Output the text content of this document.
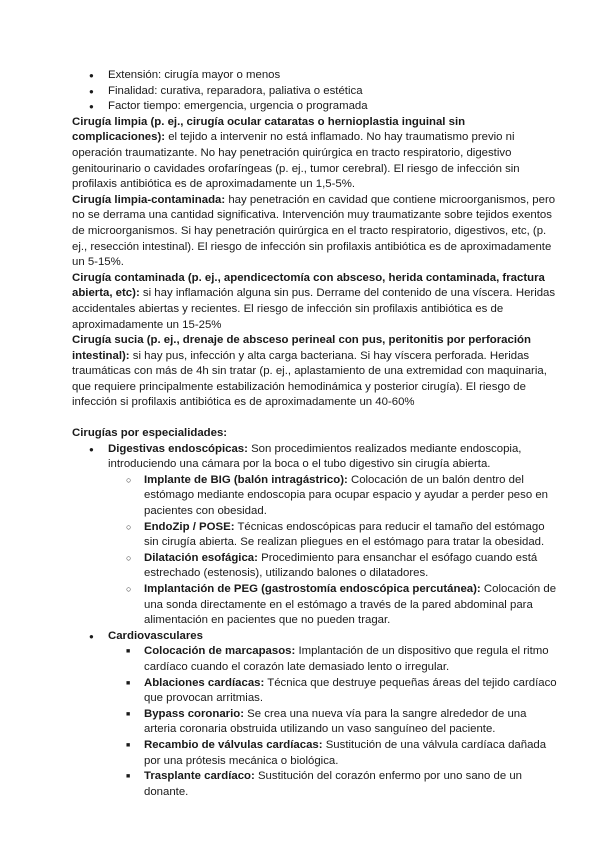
● Extensión: cirugía mayor o menos
● Finalidad: curativa, reparadora, paliativa o estética
● Factor tiempo: emergencia, urgencia o programada

Cirugía limpia (p. ej., cirugía ocular cataratas o hernioplastia inguinal sin complicaciones): el tejido a intervenir no está inflamado. No hay traumatismo previo ni operación traumatizante. No hay penetración quirúrgica en tracto respiratorio, digestivo genitourinario o cavidades orofaríngeas (p. ej., tumor cerebral). El riesgo de infección sin profilaxis antibiótica es de aproximadamente un 1,5-5%.

Cirugía limpia-contaminada: hay penetración en cavidad que contiene microorganismos, pero no se derrama una cantidad significativa. Intervención muy traumatizante sobre tejidos exentos de microorganismos. Si hay penetración quirúrgica en el tracto respiratorio, digestivos, etc, (p. ej., resección intestinal). El riesgo de infección sin profilaxis antibiótica es de aproximadamente un 5-15%.

Cirugía contaminada (p. ej., apendicectomía con absceso, herida contaminada, fractura abierta, etc): si hay inflamación alguna sin pus. Derrame del contenido de una víscera. Heridas accidentales abiertas y recientes. El riesgo de infección sin profilaxis antibiótica es de aproximadamente un 15-25%

Cirugía sucia (p. ej., drenaje de absceso perineal con pus, peritonitis por perforación intestinal): si hay pus, infección y alta carga bacteriana. Si hay víscera perforada. Heridas traumáticas con más de 4h sin tratar (p. ej., aplastamiento de una extremidad con maquinaria, que requiere principalmente estabilización hemodinámica y posterior cirugía). El riesgo de infección si profilaxis antibiótica es de aproximadamente un 40-60%

Cirugías por especialidades:
● Digestivas endoscópicas: Son procedimientos realizados mediante endoscopia, introduciendo una cámara por la boca o el tubo digestivo sin cirugía abierta.
○ Implante de BIG (balón intragástrico): Colocación de un balón dentro del estómago mediante endoscopia para ocupar espacio y ayudar a perder peso en pacientes con obesidad.
○ EndoZip / POSE: Técnicas endoscópicas para reducir el tamaño del estómago sin cirugía abierta. Se realizan pliegues en el estómago para tratar la obesidad.
○ Dilatación esofágica: Procedimiento para ensanchar el esófago cuando está estrechado (estenosis), utilizando balones o dilatadores.
○ Implantación de PEG (gastrostomía endoscópica percutánea): Colocación de una sonda directamente en el estómago a través de la pared abdominal para alimentación en pacientes que no pueden tragar.
● Cardiovasculares
■ Colocación de marcapasos: Implantación de un dispositivo que regula el ritmo cardíaco cuando el corazón late demasiado lento o irregular.
■ Ablaciones cardíacas: Técnica que destruye pequeñas áreas del tejido cardíaco que provocan arritmias.
■ Bypass coronario: Se crea una nueva vía para la sangre alrededor de una arteria coronaria obstruida utilizando un vaso sanguíneo del paciente.
■ Recambio de válvulas cardíacas: Sustitución de una válvula cardíaca dañada por una prótesis mecánica o biológica.
■ Trasplante cardíaco: Sustitución del corazón enfermo por uno sano de un donante.
